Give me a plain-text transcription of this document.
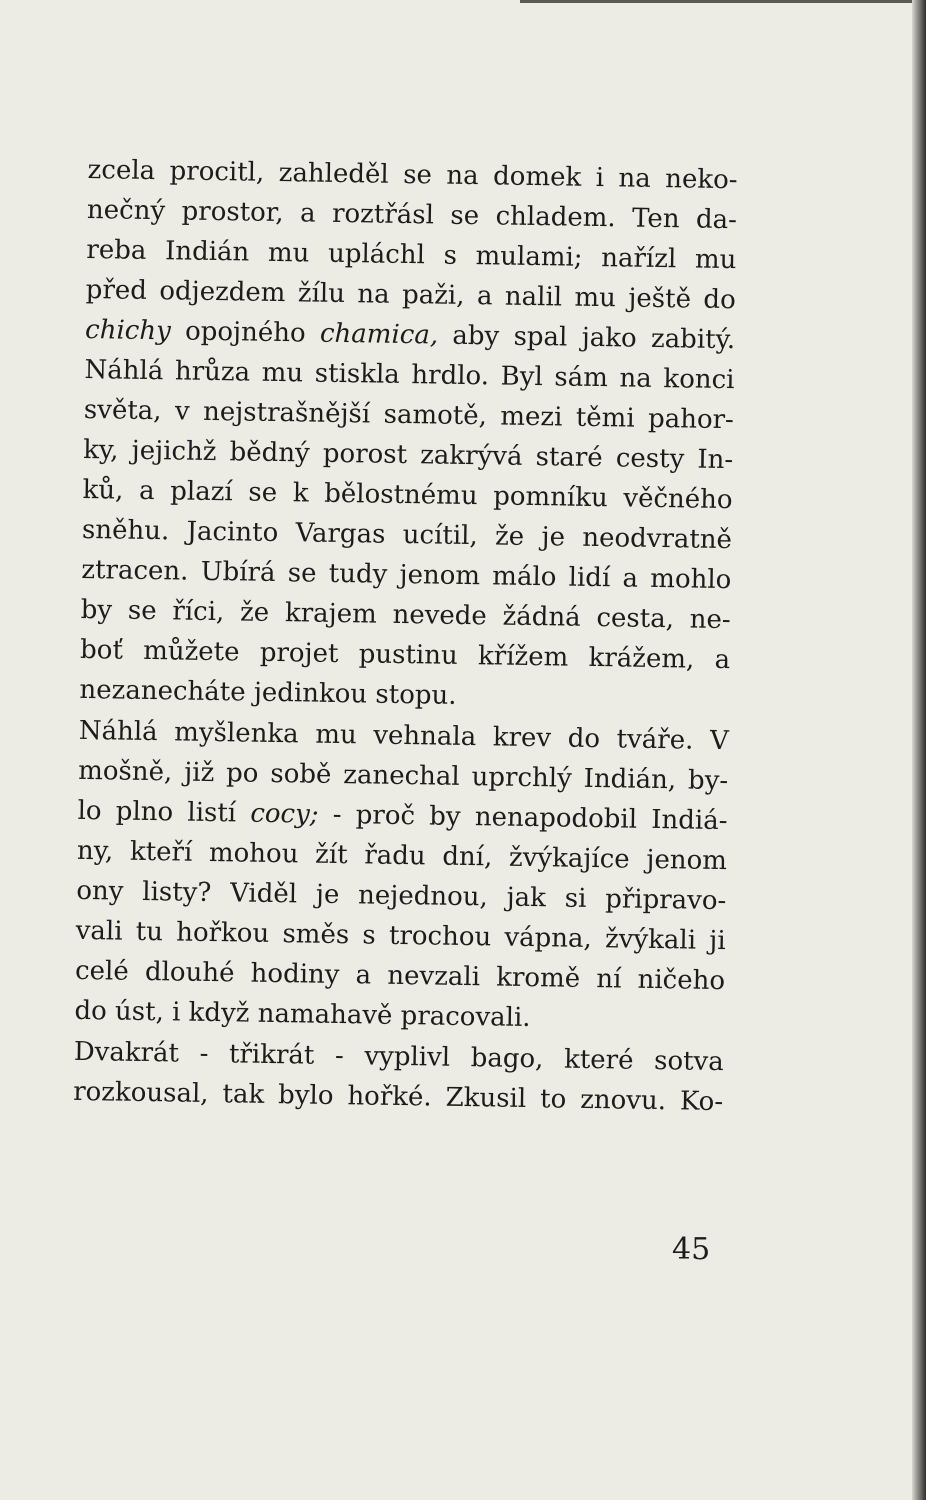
zcela procitl, zahleděl se na domek i na neko-
nečný prostor, a roztřásl se chladem. Ten da-
reba Indián mu upláchl s mulami; nařízl mu
před odjezdem žílu na paži, a nalil mu ještě do
chichy opojného chamica, aby spal jako zabitý.
Náhlá hrůza mu stiskla hrdlo. Byl sám na konci
světa, v nejstrašnější samotě, mezi těmi pahor-
ky, jejichž bědný porost zakrývá staré cesty In-
ků, a plazí se k bělostnému pomníku věčného
sněhu. Jacinto Vargas ucítil, že je neodvratně
ztracen. Ubírá se tudy jenom málo lidí a mohlo
by se říci, že krajem nevede žádná cesta, ne-
boť můžete projet pustinu křížem krážem, a
nezanecháte jedinkou stopu.
Náhlá myšlenka mu vehnala krev do tváře. V
mošně, již po sobě zanechal uprchlý Indián, by-
lo plno listí cocy; - proč by nenapodobil Indiá-
ny, kteří mohou žít řadu dní, žvýkajíce jenom
ony listy? Viděl je nejednou, jak si připravo-
vali tu hořkou směs s trochou vápna, žvýkali ji
celé dlouhé hodiny a nevzali kromě ní ničeho
do úst, i když namahavě pracovali.
Dvakrát - třikrát - vyplivl bago, které sotva
rozkousal, tak bylo hořké. Zkusil to znovu. Ko-
45
